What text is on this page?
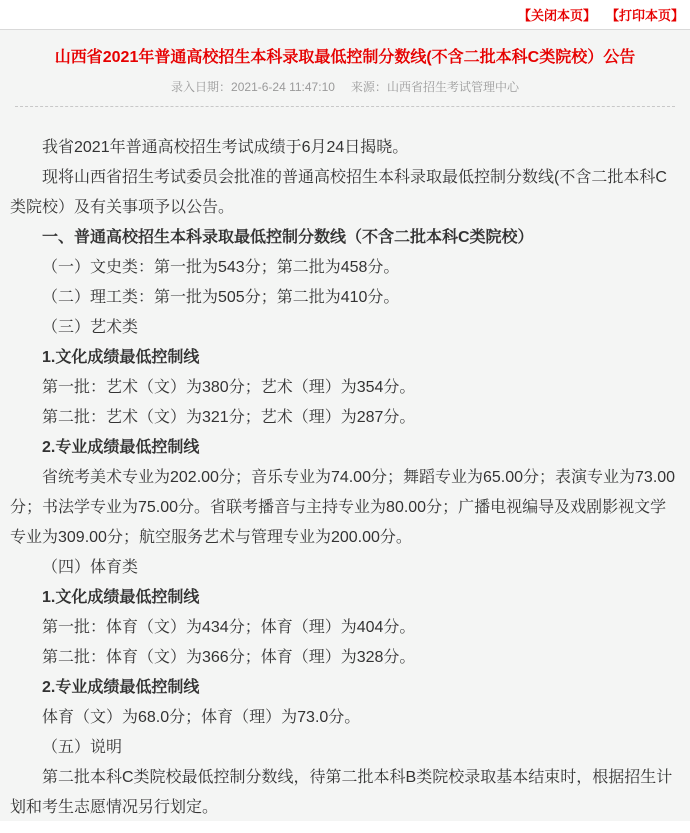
【关闭本页】 【打印本页】
山西省2021年普通高校招生本科录取最低控制分数线(不含二批本科C类院校）公告
录入日期：2021-6-24 11:47:10 来源：山西省招生考试管理中心

我省2021年普通高校招生考试成绩于6月24日揭晓。

现将山西省招生考试委员会批准的普通高校招生本科录取最低控制分数线(不含二批本科C类院校）及有关事项予以公告。

一、普通高校招生本科录取最低控制分数线（不含二批本科C类院校）

（一）文史类：第一批为543分；第二批为458分。

（二）理工类：第一批为505分；第二批为410分。

（三）艺术类

1.文化成绩最低控制线

第一批：艺术（文）为380分；艺术（理）为354分。

第二批：艺术（文）为321分；艺术（理）为287分。

2.专业成绩最低控制线

省统考美术专业为202.00分；音乐专业为74.00分；舞蹈专业为65.00分；表演专业为73.00分；书法学专业为75.00分。省联考播音与主持专业为80.00分；广播电视编导及戏剧影视文学专业为309.00分；航空服务艺术与管理专业为200.00分。

（四）体育类

1.文化成绩最低控制线

第一批：体育（文）为434分；体育（理）为404分。

第二批：体育（文）为366分；体育（理）为328分。

2.专业成绩最低控制线

体育（文）为68.0分；体育（理）为73.0分。

（五）说明

第二批本科C类院校最低控制分数线，待第二批本科B类院校录取基本结束时，根据招生计划和考生志愿情况另行划定。
